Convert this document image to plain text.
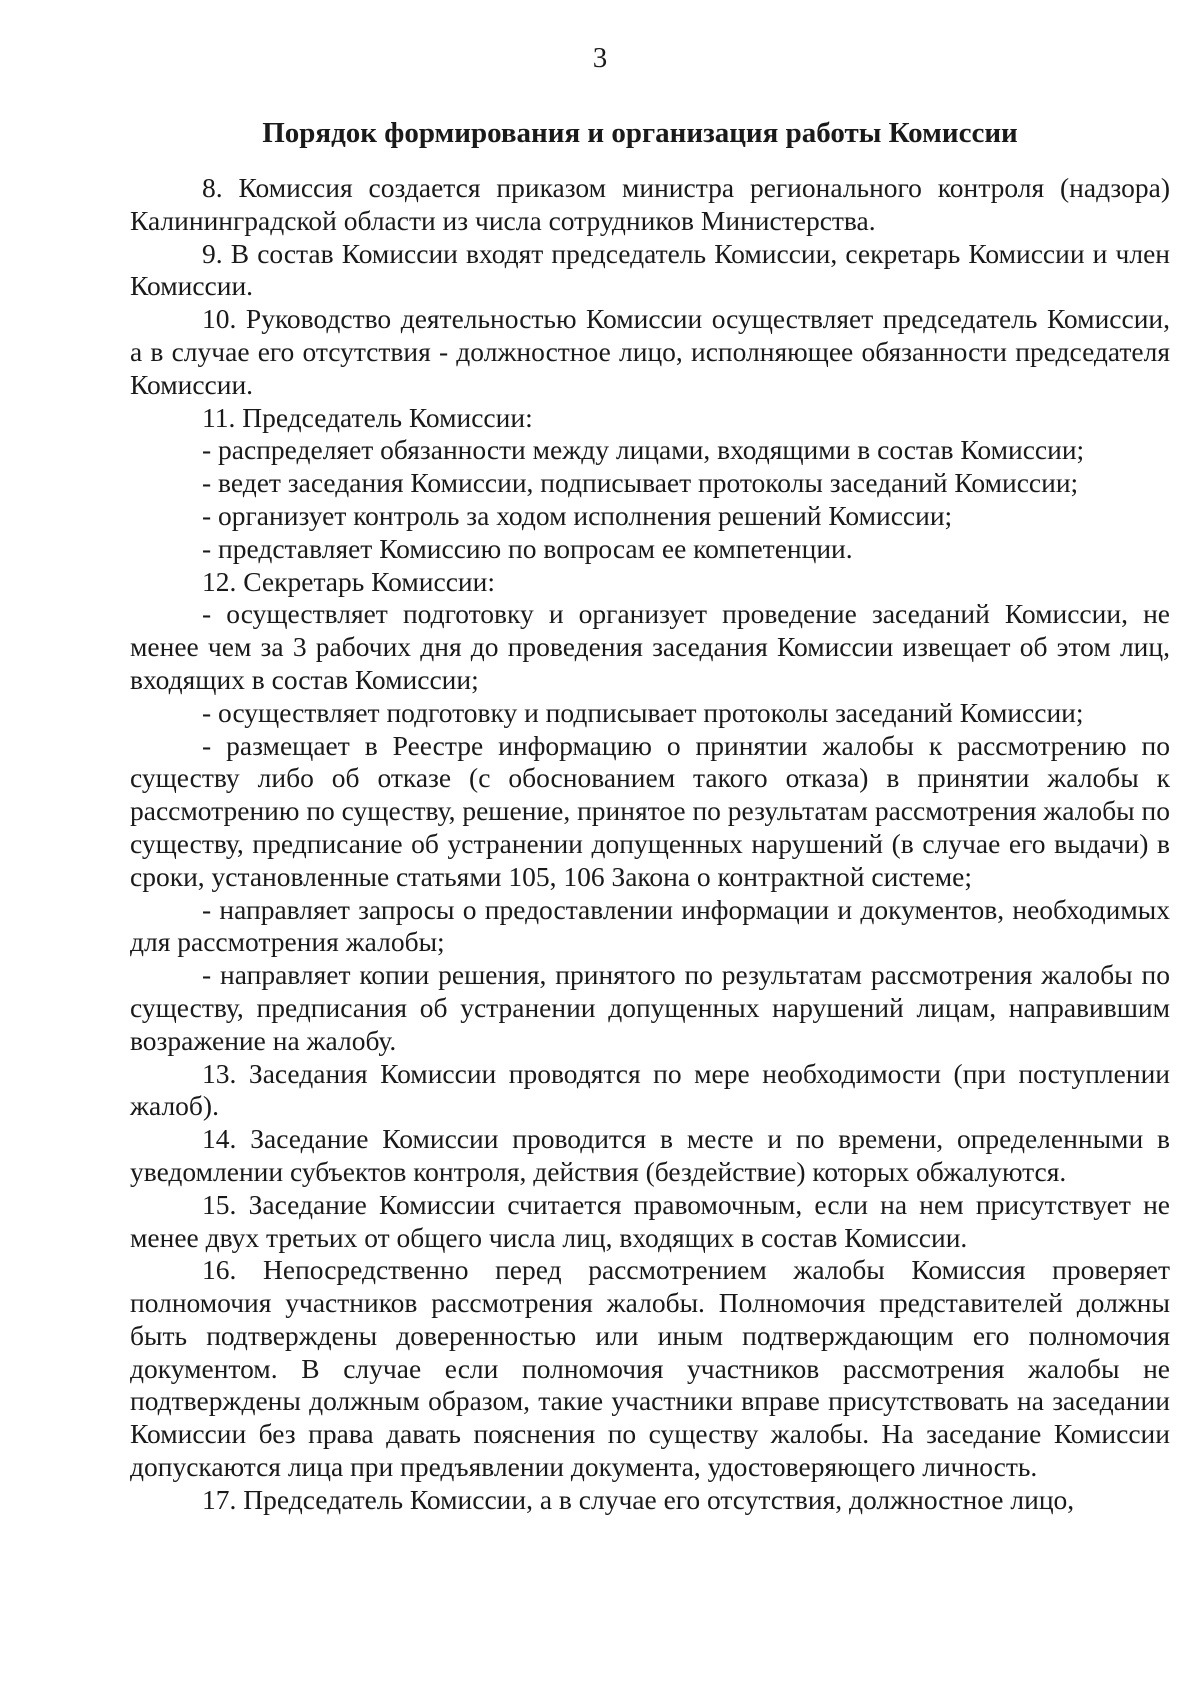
3
Порядок формирования и организация работы Комиссии

8. Комиссия создается приказом министра регионального контроля (надзора) Калининградской области из числа сотрудников Министерства.

9. В состав Комиссии входят председатель Комиссии, секретарь Комиссии и член Комиссии.

10. Руководство деятельностью Комиссии осуществляет председатель Комиссии, а в случае его отсутствия - должностное лицо, исполняющее обязанности председателя Комиссии.

11. Председатель Комиссии:

- распределяет обязанности между лицами, входящими в состав Комиссии;

- ведет заседания Комиссии, подписывает протоколы заседаний Комиссии;

- организует контроль за ходом исполнения решений Комиссии;

- представляет Комиссию по вопросам ее компетенции.

12. Секретарь Комиссии:

- осуществляет подготовку и организует проведение заседаний Комиссии, не менее чем за 3 рабочих дня до проведения заседания Комиссии извещает об этом лиц, входящих в состав Комиссии;

- осуществляет подготовку и подписывает протоколы заседаний Комиссии;

- размещает в Реестре информацию о принятии жалобы к рассмотрению по существу либо об отказе (с обоснованием такого отказа) в принятии жалобы к рассмотрению по существу, решение, принятое по результатам рассмотрения жалобы по существу, предписание об устранении допущенных нарушений (в случае его выдачи) в сроки, установленные статьями 105, 106 Закона о контрактной системе;

- направляет запросы о предоставлении информации и документов, необходимых для рассмотрения жалобы;

- направляет копии решения, принятого по результатам рассмотрения жалобы по существу, предписания об устранении допущенных нарушений лицам, направившим возражение на жалобу.

13. Заседания Комиссии проводятся по мере необходимости (при поступлении жалоб).

14. Заседание Комиссии проводится в месте и по времени, определенными в уведомлении субъектов контроля, действия (бездействие) которых обжалуются.

15. Заседание Комиссии считается правомочным, если на нем присутствует не менее двух третьих от общего числа лиц, входящих в состав Комиссии.

16. Непосредственно перед рассмотрением жалобы Комиссия проверяет полномочия участников рассмотрения жалобы. Полномочия представителей должны быть подтверждены доверенностью или иным подтверждающим его полномочия документом. В случае если полномочия участников рассмотрения жалобы не подтверждены должным образом, такие участники вправе присутствовать на заседании Комиссии без права давать пояснения по существу жалобы. На заседание Комиссии допускаются лица при предъявлении документа, удостоверяющего личность.

17. Председатель Комиссии, а в случае его отсутствия, должностное лицо,
